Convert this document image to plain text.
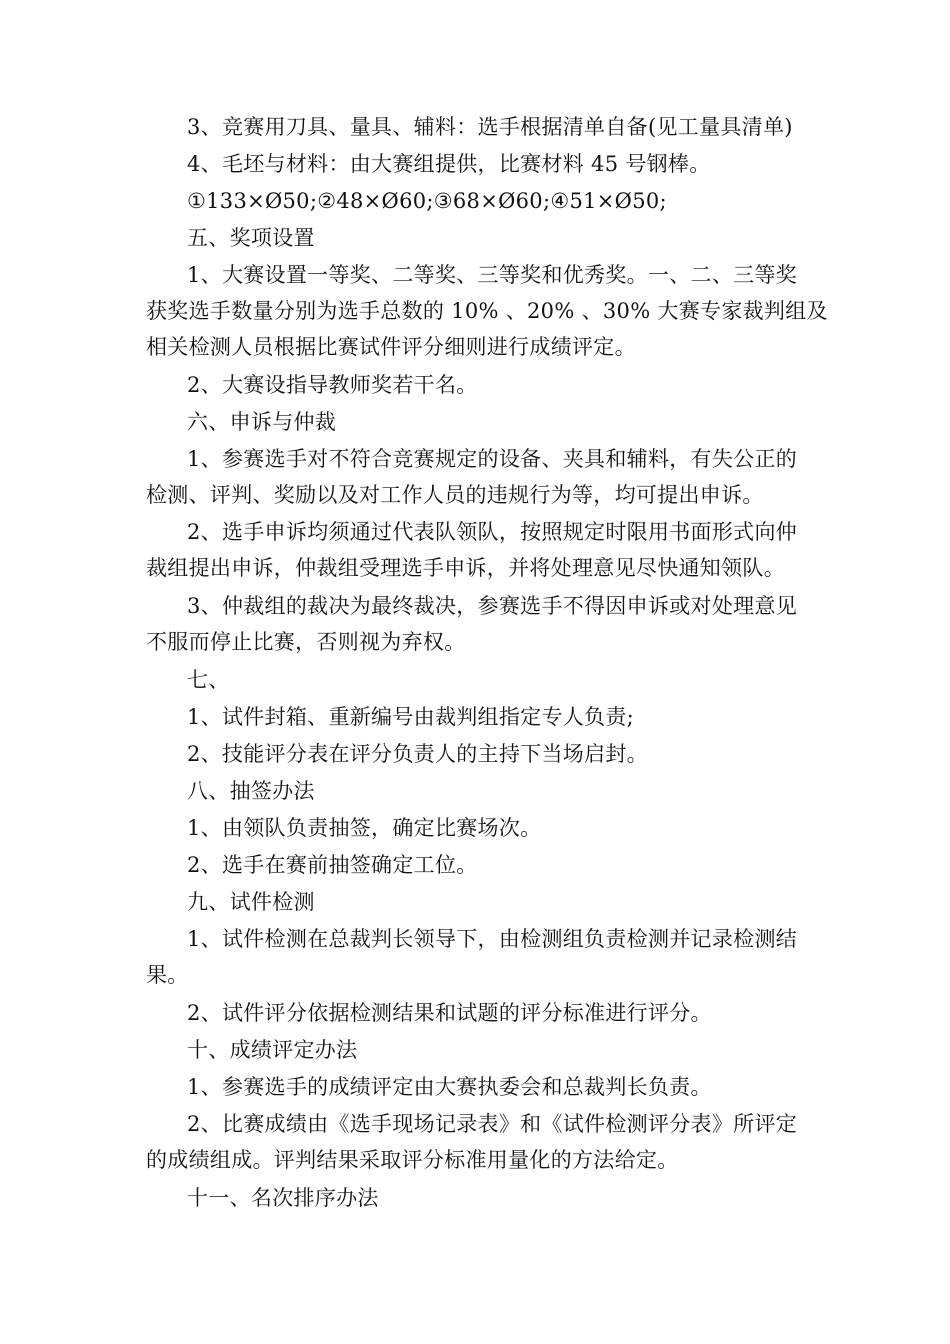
3、竞赛用刀具、量具、辅料：选手根据清单自备(见工量具清单)
4、毛坯与材料：由大赛组提供，比赛材料 45 号钢棒。
①133×Ø50;②48×Ø60;③68×Ø60;④51×Ø50;
五、奖项设置
1、大赛设置一等奖、二等奖、三等奖和优秀奖。一、二、三等奖
获奖选手数量分别为选手总数的 10% 、20% 、30% 大赛专家裁判组及
相关检测人员根据比赛试件评分细则进行成绩评定。
2、大赛设指导教师奖若干名。
六、申诉与仲裁
1、参赛选手对不符合竞赛规定的设备、夹具和辅料，有失公正的
检测、评判、奖励以及对工作人员的违规行为等，均可提出申诉。
2、选手申诉均须通过代表队领队，按照规定时限用书面形式向仲
裁组提出申诉，仲裁组受理选手申诉，并将处理意见尽快通知领队。
3、仲裁组的裁决为最终裁决，参赛选手不得因申诉或对处理意见
不服而停止比赛，否则视为弃权。
七、
1、试件封箱、重新编号由裁判组指定专人负责;
2、技能评分表在评分负责人的主持下当场启封。
八、抽签办法
1、由领队负责抽签，确定比赛场次。
2、选手在赛前抽签确定工位。
九、试件检测
1、试件检测在总裁判长领导下，由检测组负责检测并记录检测结
果。
2、试件评分依据检测结果和试题的评分标准进行评分。
十、成绩评定办法
1、参赛选手的成绩评定由大赛执委会和总裁判长负责。
2、比赛成绩由《选手现场记录表》和《试件检测评分表》所评定
的成绩组成。评判结果采取评分标准用量化的方法给定。
十一、名次排序办法
